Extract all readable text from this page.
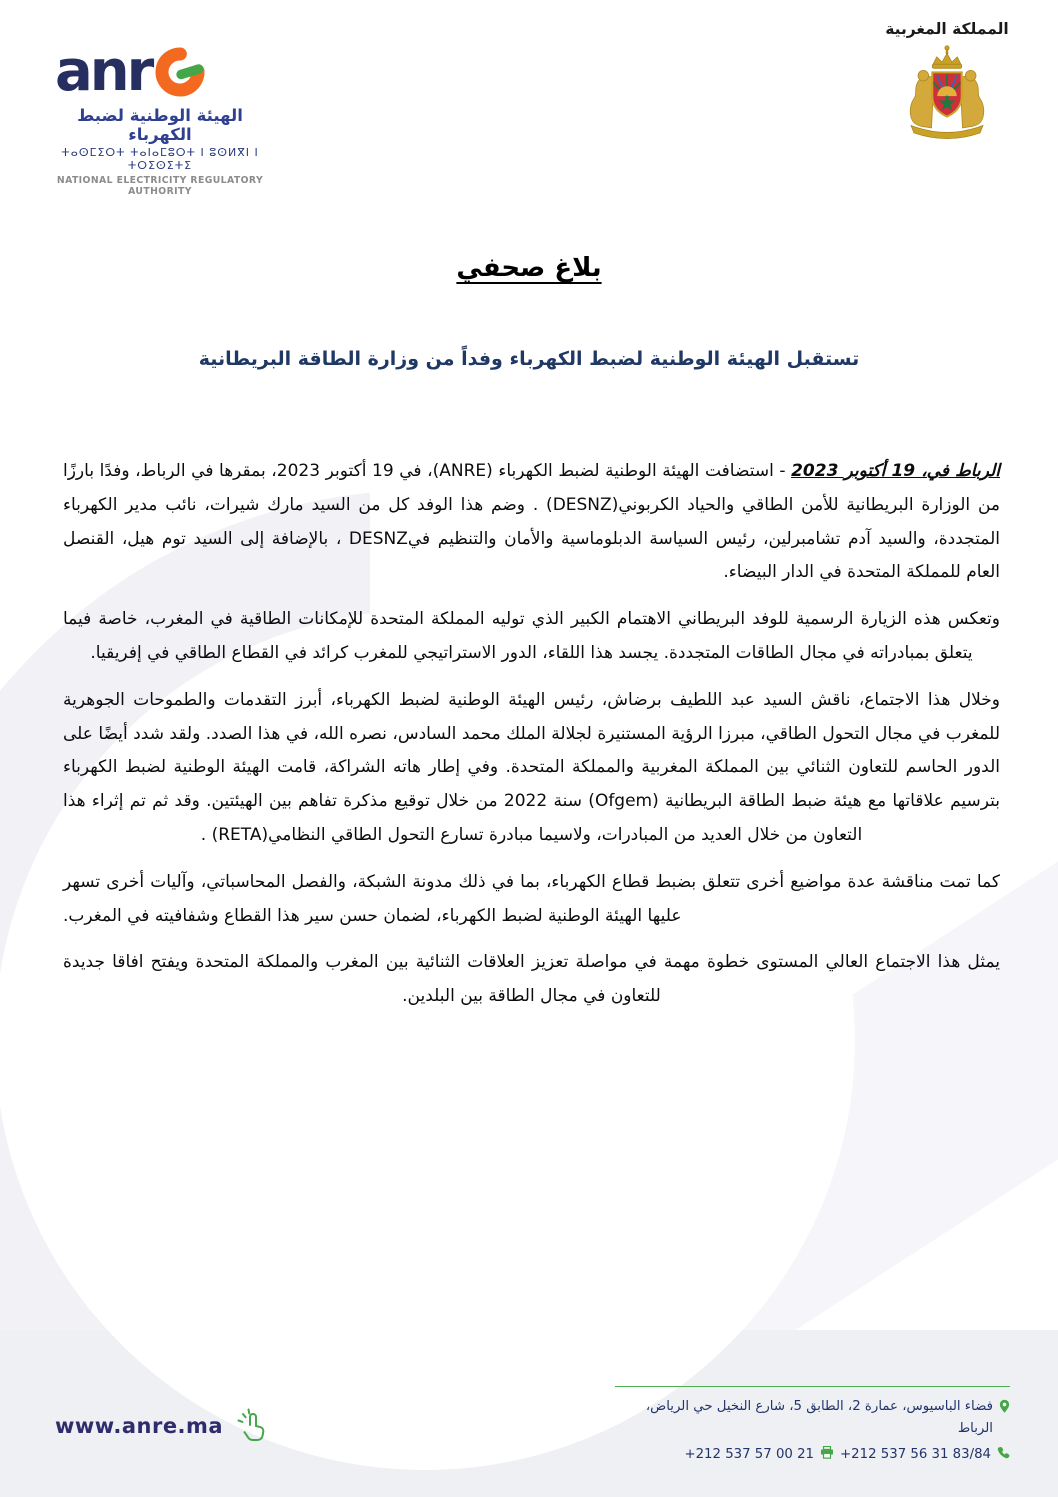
anr
الهيئة الوطنية لضبط الكهرباء
ⵜⴰⵙⵎⵉⵔⵜ ⵜⴰⵏⴰⵎⵓⵔⵜ ⵏ ⵓⵙⵍⴳⵏ ⵏ ⵜⵔⵉⵙⵉⵜⵉ
NATIONAL ELECTRICITY REGULATORY AUTHORITY
المملكة المغربية
بلاغ صحفي
تستقبل الهيئة الوطنية لضبط الكهرباء وفداً من وزارة الطاقة البريطانية

الرباط في، 19 أكتوبر 2023 - استضافت الهيئة الوطنية لضبط الكهرباء (ANRE)، في 19 أكتوبر 2023، بمقرها في الرباط، وفدًا بارزًا من الوزارة البريطانية للأمن الطاقي والحياد الكربوني(DESNZ) . وضم هذا الوفد كل من السيد مارك شيرات، نائب مدير الكهرباء المتجددة، والسيد آدم تشامبرلين، رئيس السياسة الدبلوماسية والأمان والتنظيم فيDESNZ ، بالإضافة إلى السيد توم هيل، القنصل العام للمملكة المتحدة في الدار البيضاء.

وتعكس هذه الزيارة الرسمية للوفد البريطاني الاهتمام الكبير الذي توليه المملكة المتحدة للإمكانات الطاقية في المغرب، خاصة فيما يتعلق بمبادراته في مجال الطاقات المتجددة. يجسد هذا اللقاء، الدور الاستراتيجي للمغرب كرائد في القطاع الطاقي في إفريقيا.

وخلال هذا الاجتماع، ناقش السيد عبد اللطيف برضاش، رئيس الهيئة الوطنية لضبط الكهرباء، أبرز التقدمات والطموحات الجوهرية للمغرب في مجال التحول الطاقي، مبرزا الرؤية المستنيرة لجلالة الملك محمد السادس، نصره الله، في هذا الصدد. ولقد شدد أيضًا على الدور الحاسم للتعاون الثنائي بين المملكة المغربية والمملكة المتحدة. وفي إطار هاته الشراكة، قامت الهيئة الوطنية لضبط الكهرباء بترسيم علاقاتها مع هيئة ضبط الطاقة البريطانية (Ofgem) سنة 2022 من خلال توقيع مذكرة تفاهم بين الهيئتين. وقد ثم تم إثراء هذا التعاون من خلال العديد من المبادرات، ولاسيما مبادرة تسارع التحول الطاقي النظامي(RETA) .

كما تمت مناقشة عدة مواضيع أخرى تتعلق بضبط قطاع الكهرباء، بما في ذلك مدونة الشبكة، والفصل المحاسباتي، وآليات أخرى تسهر عليها الهيئة الوطنية لضبط الكهرباء، لضمان حسن سير هذا القطاع وشفافيته في المغرب.

يمثل هذا الاجتماع العالي المستوى خطوة مهمة في مواصلة تعزيز العلاقات الثنائية بين المغرب والمملكة المتحدة ويفتح افاقا جديدة للتعاون في مجال الطاقة بين البلدين.

www.anre.ma
فضاء الباسيوس، عمارة 2، الطابق 5، شارع النخيل حي الرياض، الرباط
+212 537 56 31 83/84
+212 537 57 00 21
